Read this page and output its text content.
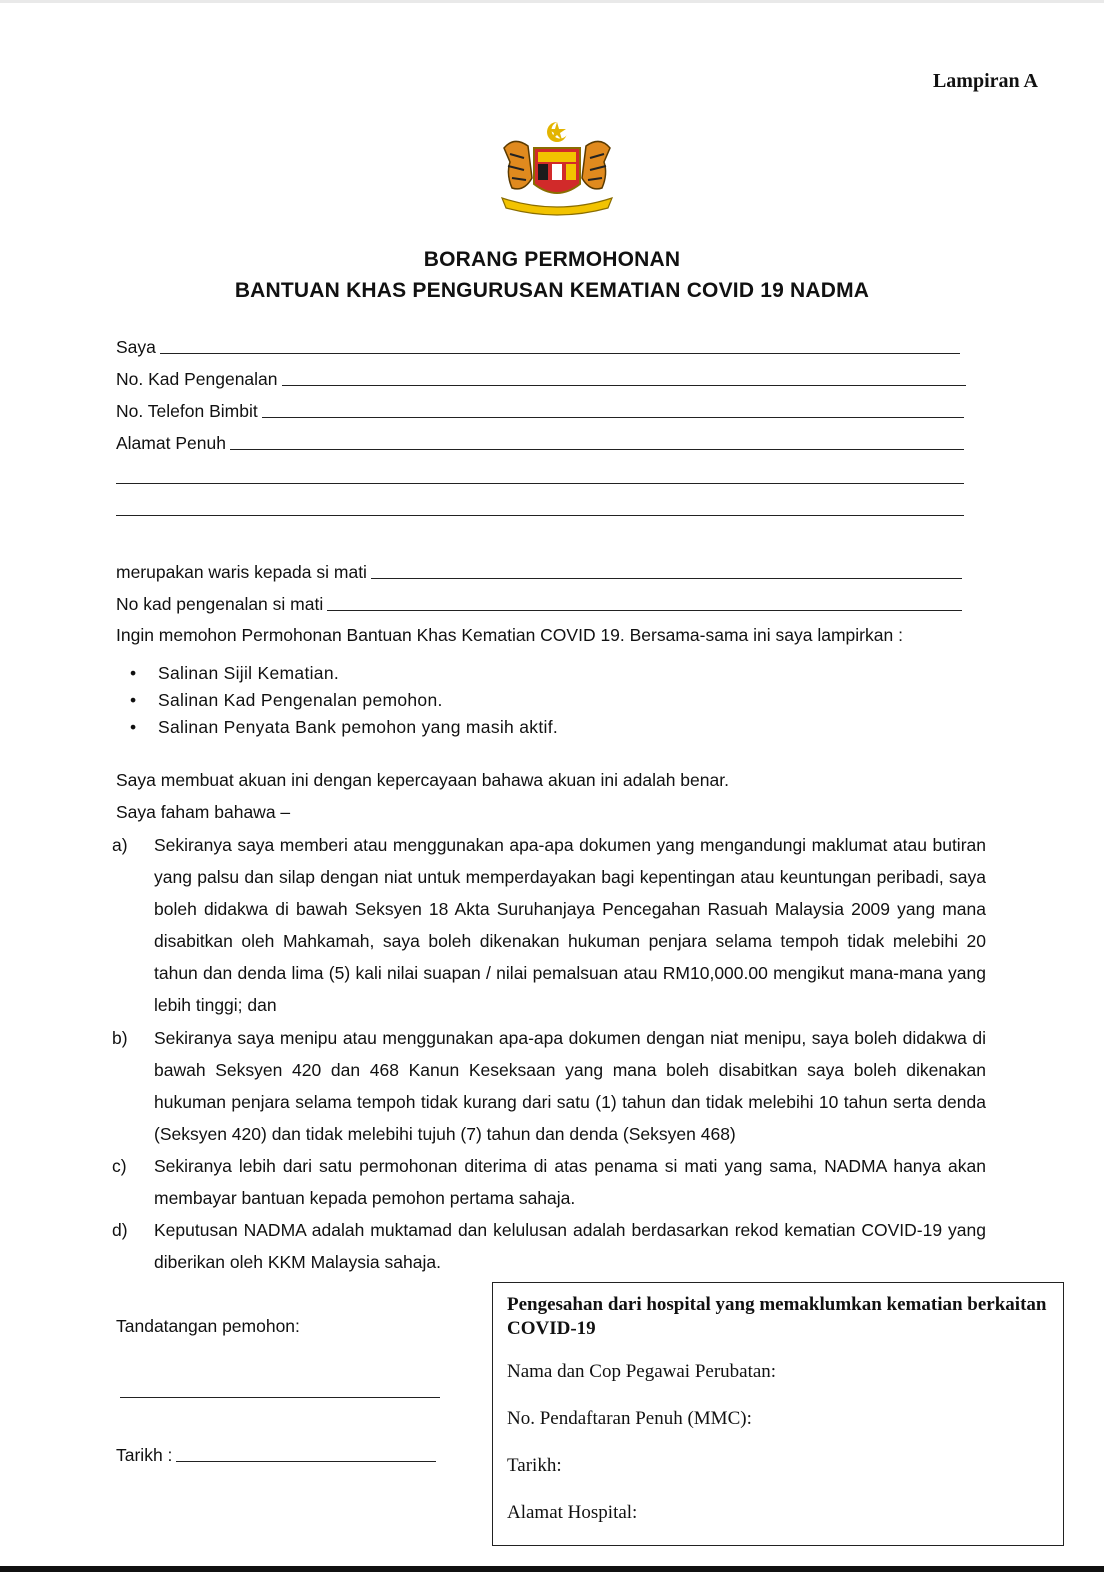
Lampiran A
BORANG PERMOHONAN
BANTUAN KHAS PENGURUSAN KEMATIAN COVID 19 NADMA
Saya
No. Kad Pengenalan
No. Telefon Bimbit
Alamat Penuh
merupakan waris kepada si mati
No kad pengenalan si mati
Ingin memohon Permohonan Bantuan Khas Kematian COVID 19. Bersama-sama ini saya lampirkan :
•	Salinan Sijil Kematian.
•	Salinan Kad Pengenalan pemohon.
•	Salinan Penyata Bank pemohon yang masih aktif.
Saya membuat akuan ini dengan kepercayaan bahawa akuan ini adalah benar.
Saya faham bahawa –
a) Sekiranya saya memberi atau menggunakan apa-apa dokumen yang mengandungi maklumat atau butiran yang palsu dan silap dengan niat untuk memperdayakan bagi kepentingan atau keuntungan peribadi, saya boleh didakwa di bawah Seksyen 18 Akta Suruhanjaya Pencegahan Rasuah Malaysia 2009 yang mana disabitkan oleh Mahkamah, saya boleh dikenakan hukuman penjara selama tempoh tidak melebihi 20 tahun dan denda lima (5) kali nilai suapan / nilai pemalsuan atau RM10,000.00 mengikut mana-mana yang lebih tinggi; dan
b) Sekiranya saya menipu atau menggunakan apa-apa dokumen dengan niat menipu, saya boleh didakwa di bawah Seksyen 420 dan 468 Kanun Keseksaan yang mana boleh disabitkan saya boleh dikenakan hukuman penjara selama tempoh tidak kurang dari satu (1) tahun dan tidak melebihi 10 tahun serta denda (Seksyen 420) dan tidak melebihi tujuh (7) tahun dan denda (Seksyen 468)
c) Sekiranya lebih dari satu permohonan diterima di atas penama si mati yang sama, NADMA hanya akan membayar bantuan kepada pemohon pertama sahaja.
d) Keputusan NADMA adalah muktamad dan kelulusan adalah berdasarkan rekod kematian COVID-19 yang diberikan oleh KKM Malaysia sahaja.
Tandatangan pemohon:
Tarikh :
Pengesahan dari hospital yang memaklumkan kematian berkaitan COVID-19
Nama dan Cop Pegawai Perubatan:
No. Pendaftaran Penuh (MMC):
Tarikh:
Alamat Hospital:
